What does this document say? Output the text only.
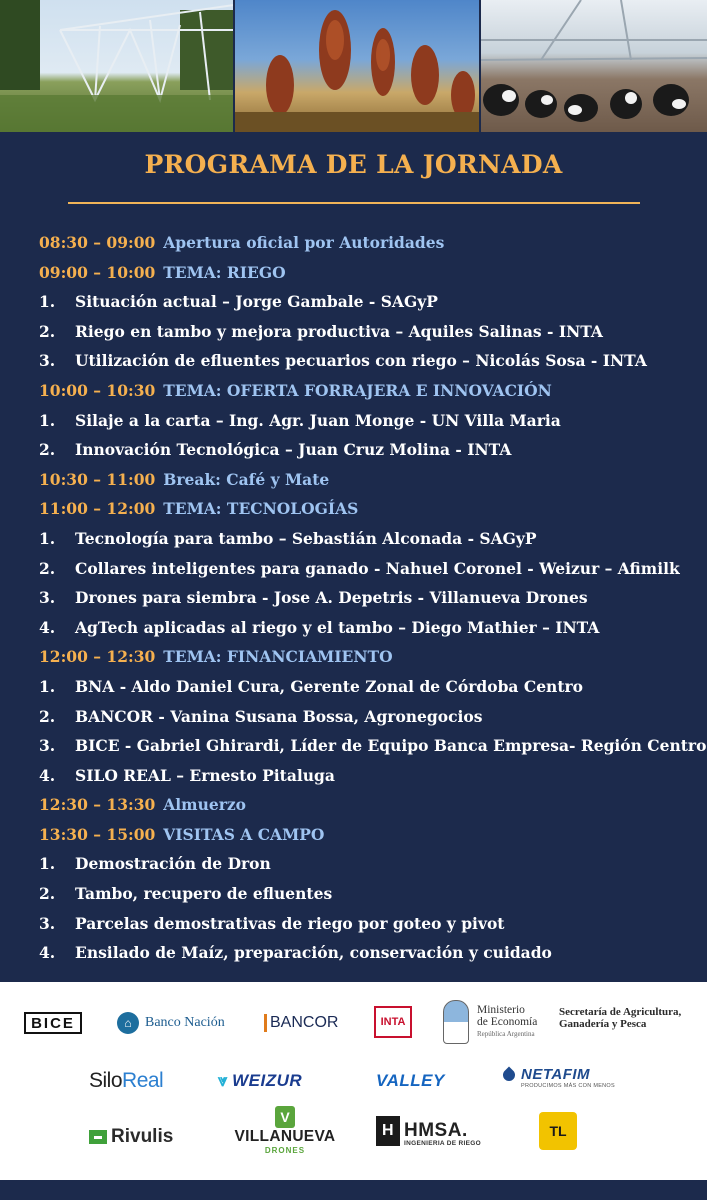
PROGRAMA DE LA JORNADA
08:30 – 09:00 Apertura oficial por Autoridades
09:00 – 10:00 TEMA: RIEGO
1. Situación actual – Jorge Gambale - SAGyP
2. Riego en tambo y mejora productiva – Aquiles Salinas - INTA
3. Utilización de efluentes pecuarios con riego – Nicolás Sosa - INTA
10:00 – 10:30 TEMA: OFERTA FORRAJERA E INNOVACIÓN
1. Silaje a la carta – Ing. Agr. Juan Monge - UN Villa Maria
2. Innovación Tecnológica – Juan Cruz Molina - INTA
10:30 – 11:00 Break: Café y Mate
11:00 – 12:00 TEMA: TECNOLOGÍAS
1. Tecnología para tambo – Sebastián Alconada - SAGyP
2. Collares inteligentes para ganado - Nahuel Coronel - Weizur – Afimilk
3. Drones para siembra - Jose A. Depetris - Villanueva Drones
4. AgTech aplicadas al riego y el tambo – Diego Mathier – INTA
12:00 – 12:30 TEMA: FINANCIAMIENTO
1. BNA - Aldo Daniel Cura, Gerente Zonal de Córdoba Centro
2. BANCOR - Vanina Susana Bossa, Agronegocios
3. BICE - Gabriel Ghirardi, Líder de Equipo Banca Empresa- Región Centro
4. SILO REAL – Ernesto Pitaluga
12:30 – 13:30 Almuerzo
13:30 – 15:00 VISITAS A CAMPO
1. Demostración de Dron
2. Tambo, recupero de efluentes
3. Parcelas demostrativas de riego por goteo y pivot
4. Ensilado de Maíz, preparación, conservación y cuidado
BICE	⌂ Banco Nación	BANCOR	INTA
Ministerio
de Economía
República Argentina
Secretaría de Agricultura,
Ganadería y Pesca
Silo Real	⩔ WEIZUR	VALLEY	NETAFIM
PRODUCIMOS MÁS CON MENOS
Rivulis
V
VILLANUEVA
DRONES
H HMSA.
INGENIERIA DE RIEGO
TL
